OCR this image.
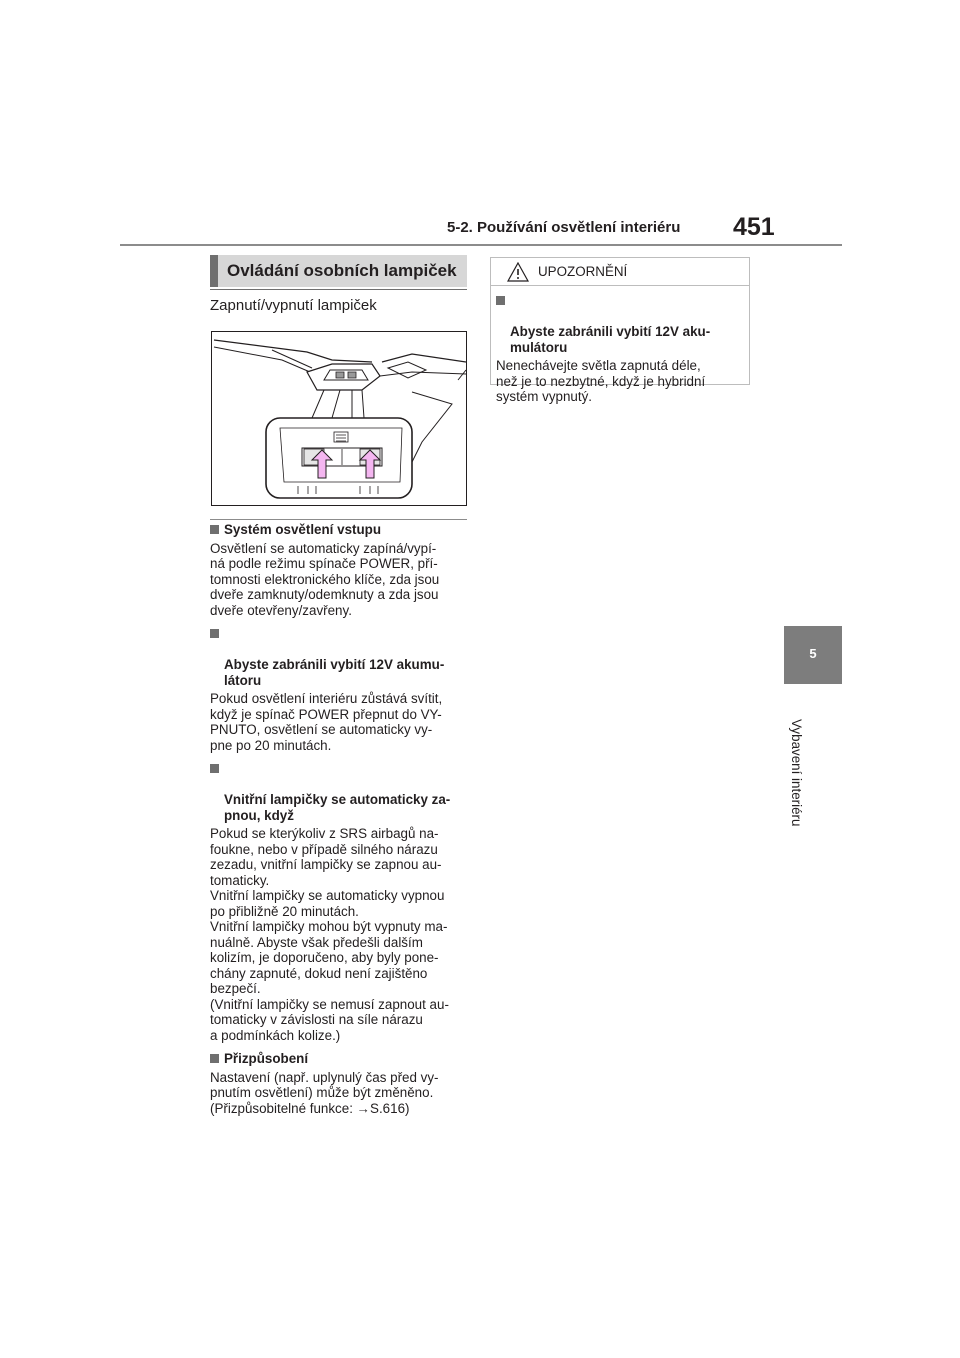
5-2. Používání osvětlení interiéru 451
Ovládání osobních lampiček
Zapnutí/vypnutí lampiček
Systém osvětlení vstupu
Osvětlení se automaticky zapíná/vypí-
ná podle režimu spínače POWER, pří-
tomnosti elektronického klíče, zda jsou
dveře zamknuty/odemknuty a zda jsou
dveře otevřeny/zavřeny.

Abyste zabránili vybití 12V akumu-
látoru

Pokud osvětlení interiéru zůstává svítit,
když je spínač POWER přepnut do VY-
PNUTO, osvětlení se automaticky vy-
pne po 20 minutách.

Vnitřní lampičky se automaticky za-
pnou, když

Pokud se kterýkoliv z SRS airbagů na-
foukne, nebo v případě silného nárazu
zezadu, vnitřní lampičky se zapnou au-
tomaticky.
Vnitřní lampičky se automaticky vypnou
po přibližně 20 minutách.
Vnitřní lampičky mohou být vypnuty ma-
nuálně. Abyste však předešli dalším
kolizím, je doporučeno, aby byly pone-
chány zapnuté, dokud není zajištěno
bezpečí.
(Vnitřní lampičky se nemusí zapnout au-
tomaticky v závislosti na síle nárazu
a podmínkách kolize.)
Přizpůsobení
Nastavení (např. uplynulý čas před vy-
pnutím osvětlení) může být změněno.
(Přizpůsobitelné funkce: →S.616)
UPOZORNĚNÍ

Abyste zabránili vybití 12V aku-
mulátoru

Nenechávejte světla zapnutá déle,
než je to nezbytné, když je hybridní
systém vypnutý.
5
Vybavení interiéru
